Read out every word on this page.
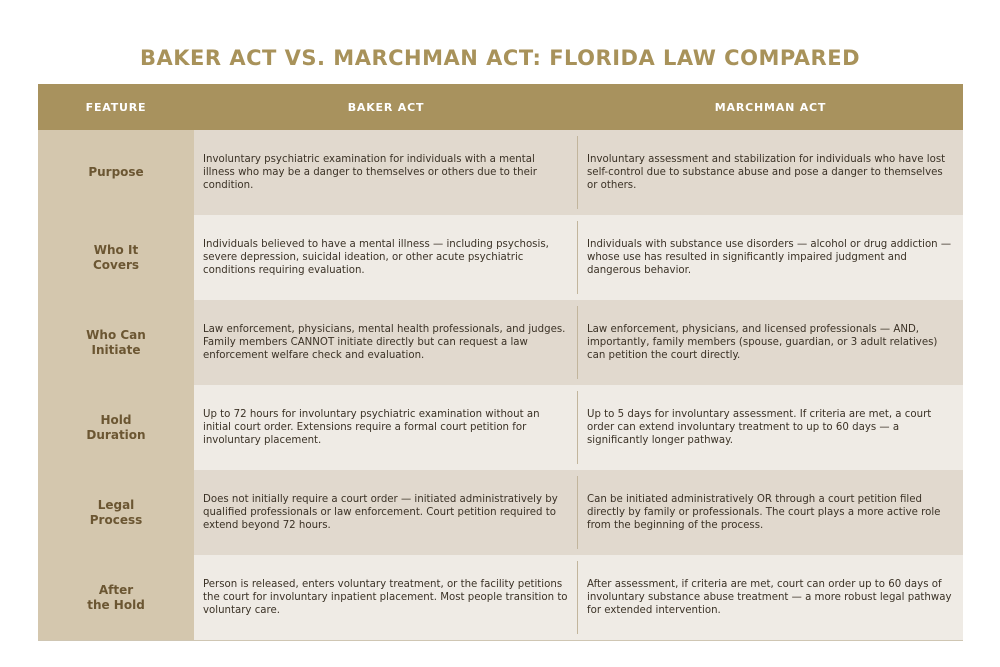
BAKER ACT VS. MARCHMAN ACT: FLORIDA LAW COMPARED
FEATURE	BAKER ACT	MARCHMAN ACT
Purpose
Involuntary psychiatric examination for individuals with a mental illness who may be a danger to themselves or others due to their condition.
Involuntary assessment and stabilization for individuals who have lost self-control due to substance abuse and pose a danger to themselves or others.
Who It
Covers
Individuals believed to have a mental illness — including psychosis, severe depression, suicidal ideation, or other acute psychiatric conditions requiring evaluation.
Individuals with substance use disorders — alcohol or drug addiction — whose use has resulted in significantly impaired judgment and dangerous behavior.
Who Can
Initiate
Law enforcement, physicians, mental health professionals, and judges. Family members CANNOT initiate directly but can request a law enforcement welfare check and evaluation.
Law enforcement, physicians, and licensed professionals — AND, importantly, family members (spouse, guardian, or 3 adult relatives) can petition the court directly.
Hold
Duration
Up to 72 hours for involuntary psychiatric examination without an initial court order. Extensions require a formal court petition for involuntary placement.
Up to 5 days for involuntary assessment. If criteria are met, a court order can extend involuntary treatment to up to 60 days — a significantly longer pathway.
Legal
Process
Does not initially require a court order — initiated administratively by qualified professionals or law enforcement. Court petition required to extend beyond 72 hours.
Can be initiated administratively OR through a court petition filed directly by family or professionals. The court plays a more active role from the beginning of the process.
After
the Hold
Person is released, enters voluntary treatment, or the facility petitions the court for involuntary inpatient placement. Most people transition to voluntary care.
After assessment, if criteria are met, court can order up to 60 days of involuntary substance abuse treatment — a more robust legal pathway for extended intervention.
